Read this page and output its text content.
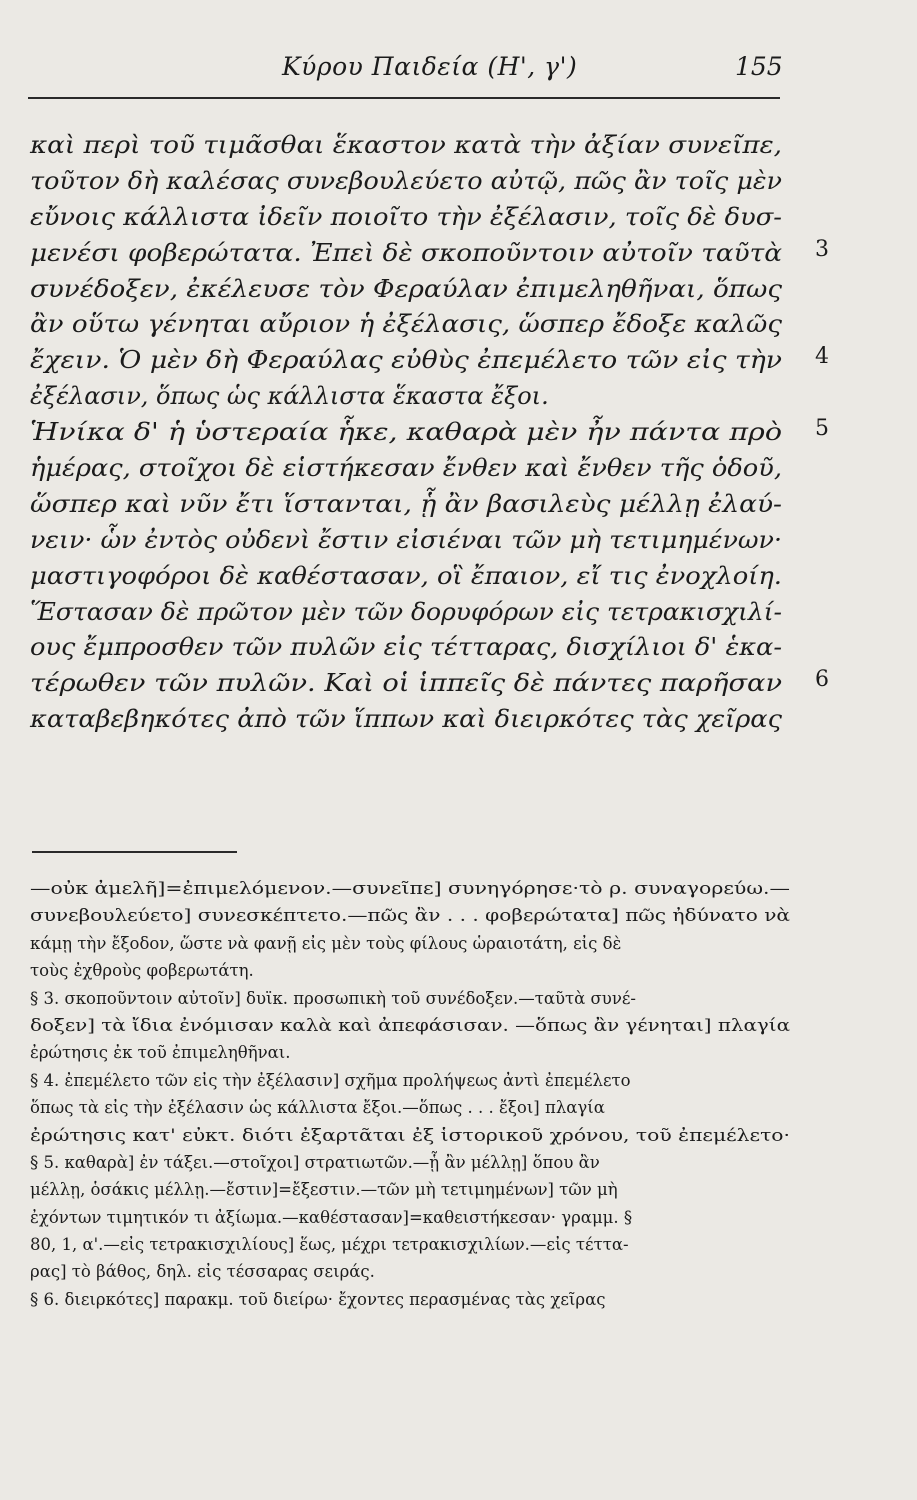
Κύρου Παιδεία (Η', γ')	155
καὶ περὶ τοῦ τιμᾶσθαι ἕκαστον κατὰ τὴν ἀξίαν συνεῖπε,
τοῦτον δὴ καλέσας συνεβουλεύετο αὐτῷ, πῶς ἂν τοῖς μὲν
εὔνοις κάλλιστα ἰδεῖν ποιοῖτο τὴν ἐξέλασιν, τοῖς δὲ δυσ-
μενέσι φοβερώτατα. Ἐπεὶ δὲ σκοποῦντοιν αὐτοῖν ταῦτὰ 3
συνέδοξεν, ἐκέλευσε τὸν Φεραύλαν ἐπιμεληθῆναι, ὅπως
ἂν οὕτω γένηται αὔριον ἡ ἐξέλασις, ὥσπερ ἔδοξε καλῶς
ἔχειν. Ὁ μὲν δὴ Φεραύλας εὐθὺς ἐπεμέλετο τῶν εἰς τὴν 4
ἐξέλασιν, ὅπως ὡς κάλλιστα ἕκαστα ἔξοι.
Ἡνίκα δ' ἡ ὑστεραία ἧκε, καθαρὰ μὲν ἦν πάντα πρὸ 5
ἡμέρας, στοῖχοι δὲ εἱστήκεσαν ἔνθεν καὶ ἔνθεν τῆς ὁδοῦ,
ὥσπερ καὶ νῦν ἔτι ἵστανται, ᾗ ἂν βασιλεὺς μέλλῃ ἐλαύ-
νειν· ὧν ἐντὸς οὐδενὶ ἔστιν εἰσιέναι τῶν μὴ τετιμημένων·
μαστιγοφόροι δὲ καθέστασαν, οἳ ἔπαιον, εἴ τις ἐνοχλοίη.
Ἕστασαν δὲ πρῶτον μὲν τῶν δορυφόρων εἰς τετρακισχιλί-
ους ἔμπροσθεν τῶν πυλῶν εἰς τέτταρας, δισχίλιοι δ' ἑκα-
τέρωθεν τῶν πυλῶν. Καὶ οἱ ἱππεῖς δὲ πάντες παρῆσαν 6
καταβεβηκότες ἀπὸ τῶν ἵππων καὶ διειρκότες τὰς χεῖρας
—οὐκ ἀμελῆ]=ἐπιμελόμενον.—συνεῖπε] συνηγόρησε·τὸ ρ. συναγορεύω.—
συνεβουλεύετο] συνεσκέπτετο.—πῶς ἂν . . . φοβερώτατα] πῶς ἠδύνατο νὰ
κάμῃ τὴν ἔξοδον, ὥστε νὰ φανῇ εἰς μὲν τοὺς φίλους ὡραιοτάτη, εἰς δὲ
τοὺς ἐχθροὺς φοβερωτάτη.
§ 3. σκοποῦντοιν αὐτοῖν] δυϊκ. προσωπικὴ τοῦ συνέδοξεν.—ταῦτὰ συνέ-
δοξεν] τὰ ἴδια ἐνόμισαν καλὰ καὶ ἀπεφάσισαν. —ὅπως ἂν γένηται] πλαγία
ἐρώτησις ἐκ τοῦ ἐπιμεληθῆναι.
§ 4. ἐπεμέλετο τῶν εἰς τὴν ἐξέλασιν] σχῆμα προλήψεως ἀντὶ ἐπεμέλετο
ὅπως τὰ εἰς τὴν ἐξέλασιν ὡς κάλλιστα ἔξοι.—ὅπως . . . ἔξοι] πλαγία
ἐρώτησις κατ' εὐκτ. διότι ἐξαρτᾶται ἐξ ἱστορικοῦ χρόνου, τοῦ ἐπεμέλετο·
§ 5. καθαρὰ] ἐν τάξει.—στοῖχοι] στρατιωτῶν.—ᾗ ἂν μέλλῃ] ὅπου ἂν
μέλλῃ, ὁσάκις μέλλῃ.—ἔστιν]=ἔξεστιν.—τῶν μὴ τετιμημένων] τῶν μὴ
ἐχόντων τιμητικόν τι ἀξίωμα.—καθέστασαν]=καθειστήκεσαν· γραμμ. §
80, 1, α'.—εἰς τετρακισχιλίους] ἕως, μέχρι τετρακισχιλίων.—εἰς τέττα-
ρας] τὸ βάθος, δηλ. εἰς τέσσαρας σειράς.
§ 6. διειρκότες] παρακμ. τοῦ διείρω· ἔχοντες περασμένας τὰς χεῖρας
